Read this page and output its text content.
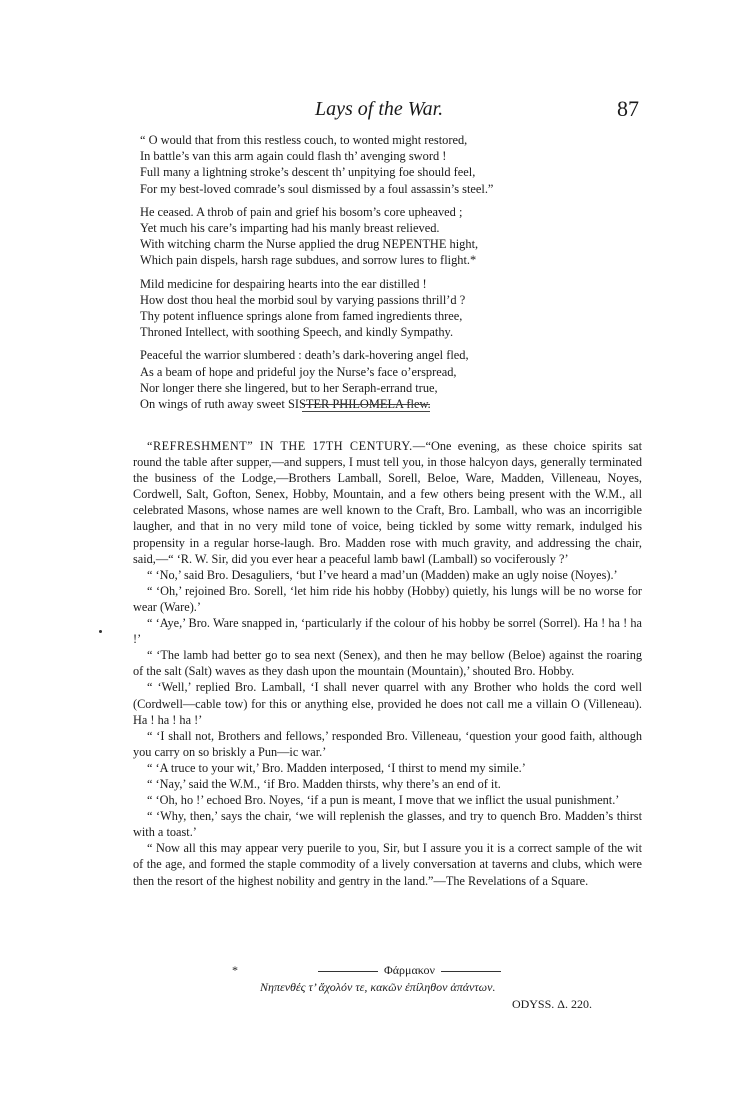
Lays of the War.	87
“ O would that from this restless couch, to wonted might restored,
In battle’s van this arm again could flash th’ avenging sword !
Full many a lightning stroke’s descent th’ unpitying foe should feel,
For my best-loved comrade’s soul dismissed by a foul assassin’s steel.”
He ceased. A throb of pain and grief his bosom’s core upheaved ;
Yet much his care’s imparting had his manly breast relieved.
With witching charm the Nurse applied the drug NEPENTHE hight,
Which pain dispels, harsh rage subdues, and sorrow lures to flight.*
Mild medicine for despairing hearts into the ear distilled !
How dost thou heal the morbid soul by varying passions thrill’d ?
Thy potent influence springs alone from famed ingredients three,
Throned Intellect, with soothing Speech, and kindly Sympathy.
Peaceful the warrior slumbered : death’s dark-hovering angel fled,
As a beam of hope and prideful joy the Nurse’s face o’erspread,
Nor longer there she lingered, but to her Seraph-errand true,
On wings of ruth away sweet SISTER PHILOMELA flew.

“REFRESHMENT” IN THE 17TH CENTURY.—“One evening, as these choice spirits sat round the table after supper,—and suppers, I must tell you, in those halcyon days, generally terminated the business of the Lodge,—Brothers Lamball, Sorell, Beloe, Ware, Madden, Villeneau, Noyes, Cordwell, Salt, Gofton, Senex, Hobby, Mountain, and a few others being present with the W.M., all celebrated Masons, whose names are well known to the Craft, Bro. Lamball, who was an incorrigible laugher, and that in no very mild tone of voice, being tickled by some witty remark, indulged his propensity in a regular horse-laugh. Bro. Madden rose with much gravity, and addressing the chair, said,—“ ‘R. W. Sir, did you ever hear a peaceful lamb bawl (Lamball) so vociferously ?’

“ ‘No,’ said Bro. Desaguliers, ‘but I’ve heard a mad’un (Madden) make an ugly noise (Noyes).’

“ ‘Oh,’ rejoined Bro. Sorell, ‘let him ride his hobby (Hobby) quietly, his lungs will be no worse for wear (Ware).’

“ ‘Aye,’ Bro. Ware snapped in, ‘particularly if the colour of his hobby be sorrel (Sorrel). Ha ! ha ! ha !’

“ ‘The lamb had better go to sea next (Senex), and then he may bellow (Beloe) against the roaring of the salt (Salt) waves as they dash upon the mountain (Mountain),’ shouted Bro. Hobby.

“ ‘Well,’ replied Bro. Lamball, ‘I shall never quarrel with any Brother who holds the cord well (Cordwell—cable tow) for this or anything else, provided he does not call me a villain O (Villeneau). Ha ! ha ! ha !’

“ ‘I shall not, Brothers and fellows,’ responded Bro. Villeneau, ‘question your good faith, although you carry on so briskly a Pun—ic war.’

“ ‘A truce to your wit,’ Bro. Madden interposed, ‘I thirst to mend my simile.’

“ ‘Nay,’ said the W.M., ‘if Bro. Madden thirsts, why there’s an end of it.

“ ‘Oh, ho !’ echoed Bro. Noyes, ‘if a pun is meant, I move that we inflict the usual punishment.’

“ ‘Why, then,’ says the chair, ‘we will replenish the glasses, and try to quench Bro. Madden’s thirst with a toast.’

“ Now all this may appear very puerile to you, Sir, but I assure you it is a correct sample of the wit of the age, and formed the staple commodity of a lively conversation at taverns and clubs, which were then the resort of the highest nobility and gentry in the land.”—The Revelations of a Square.

*	Φάρμακον
Νηπενθές τ’ ἄχολόν τε, κακῶν ἐπίληθον ἁπάντων.
ODYSS. Δ. 220.
